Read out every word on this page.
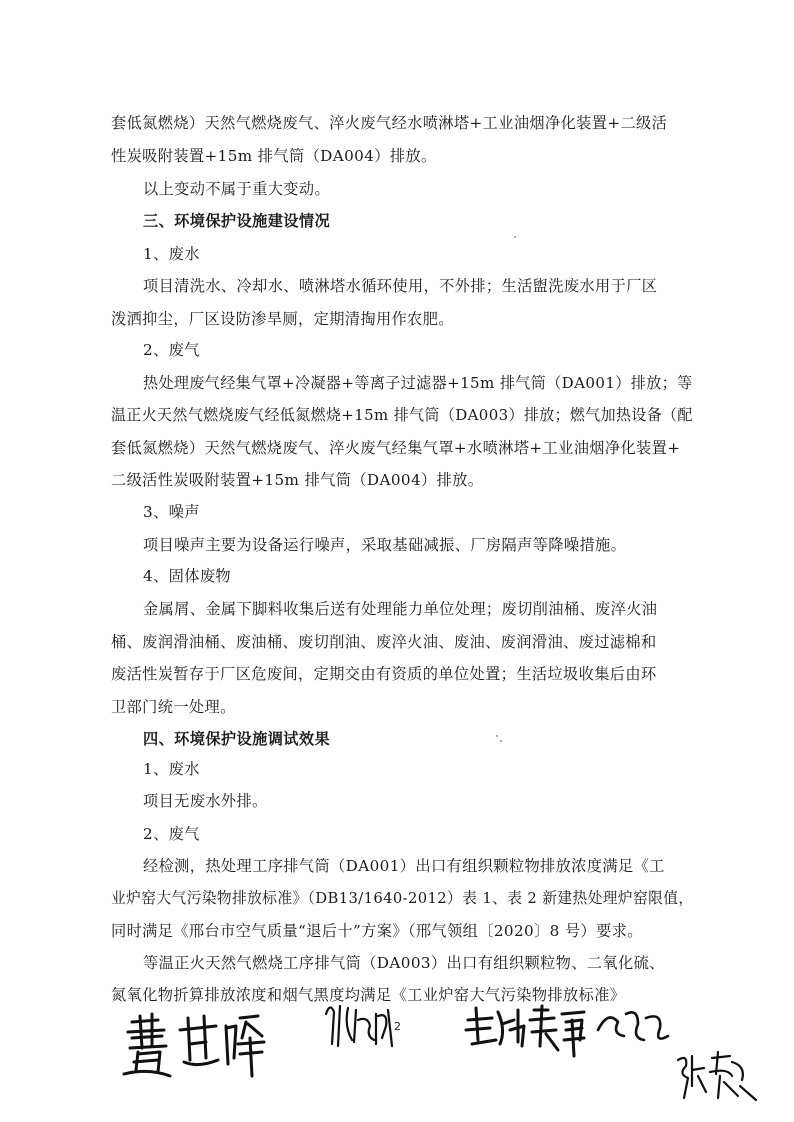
套低氮燃烧）天然气燃烧废气、淬火废气经水喷淋塔+工业油烟净化装置+二级活
性炭吸附装置+15m 排气筒（DA004）排放。
以上变动不属于重大变动。
三、环境保护设施建设情况
1、废水
项目清洗水、冷却水、喷淋塔水循环使用，不外排；生活盥洗废水用于厂区
泼洒抑尘，厂区设防渗旱厕，定期清掏用作农肥。
2、废气
热处理废气经集气罩+冷凝器+等离子过滤器+15m 排气筒（DA001）排放；等
温正火天然气燃烧废气经低氮燃烧+15m 排气筒（DA003）排放；燃气加热设备（配
套低氮燃烧）天然气燃烧废气、淬火废气经集气罩+水喷淋塔+工业油烟净化装置+
二级活性炭吸附装置+15m 排气筒（DA004）排放。
3、噪声
项目噪声主要为设备运行噪声，采取基础减振、厂房隔声等降噪措施。
4、固体废物
金属屑、金属下脚料收集后送有处理能力单位处理；废切削油桶、废淬火油
桶、废润滑油桶、废油桶、废切削油、废淬火油、废油、废润滑油、废过滤棉和
废活性炭暂存于厂区危废间，定期交由有资质的单位处置；生活垃圾收集后由环
卫部门统一处理。
四、环境保护设施调试效果
1、废水
项目无废水外排。
2、废气
经检测，热处理工序排气筒（DA001）出口有组织颗粒物排放浓度满足《工
业炉窑大气污染物排放标准》（DB13/1640-2012）表 1、表 2 新建热处理炉窑限值，
同时满足《邢台市空气质量“退后十”方案》（邢气领组〔2020〕8 号）要求。
等温正火天然气燃烧工序排气筒（DA003）出口有组织颗粒物、二氧化硫、
氮氧化物折算排放浓度和烟气黑度均满足《工业炉窑大气污染物排放标准》
2
